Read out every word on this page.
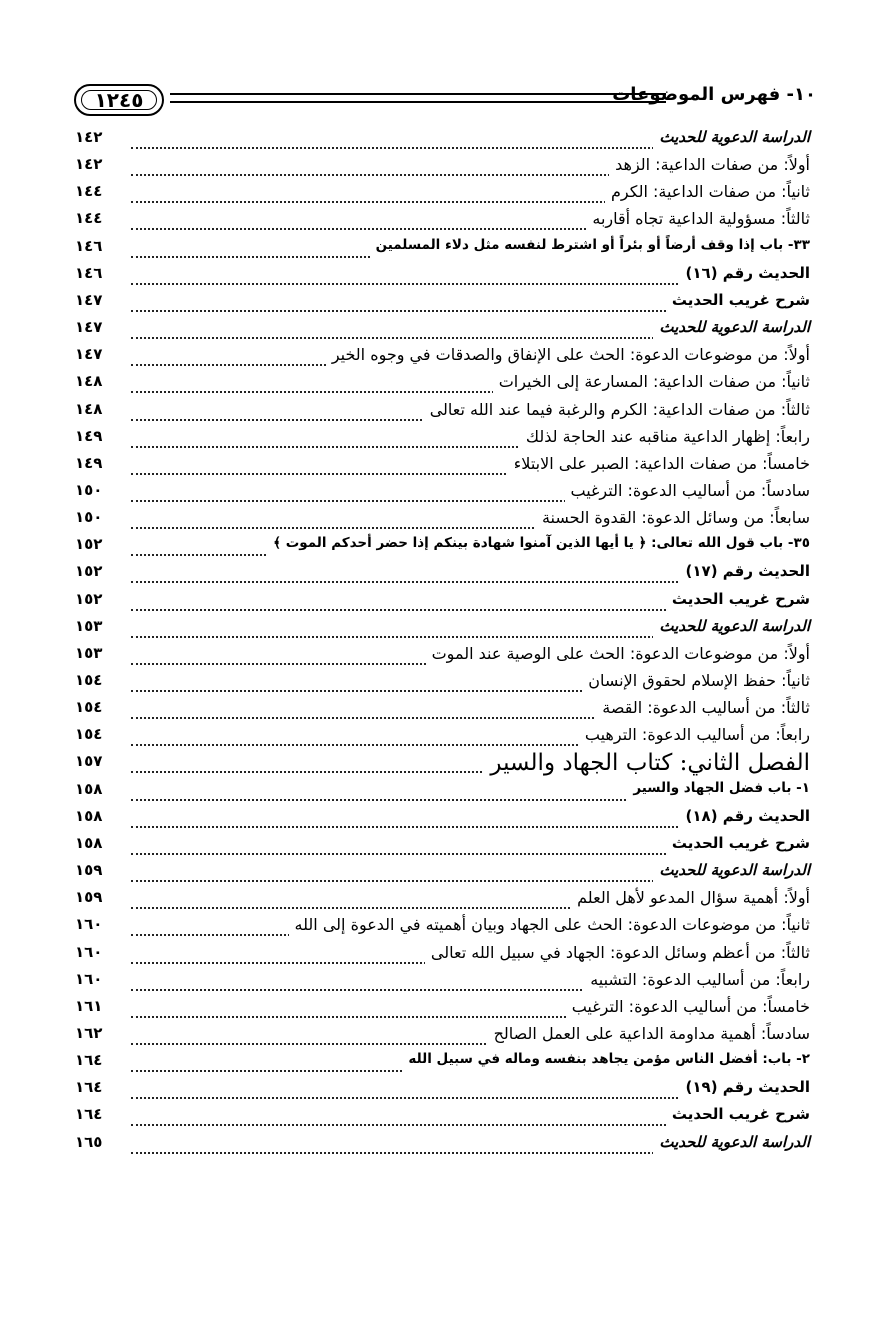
١٢٤٥	١٠- فهرس الموضوعات
الدراسة الدعوية للحديث
١٤٢
أولاً: من صفات الداعية: الزهد
١٤٢
ثانياً: من صفات الداعية: الكرم
١٤٤
ثالثاً: مسؤولية الداعية تجاه أقاربه
١٤٤
٣٣- باب إذا وقف أرضاً أو بئراً أو اشترط لنفسه مثل دلاء المسلمين
١٤٦
الحديث رقم (١٦)
١٤٦
شرح غريب الحديث
١٤٧
الدراسة الدعوية للحديث
١٤٧
أولاً: من موضوعات الدعوة: الحث على الإنفاق والصدقات في وجوه الخير
١٤٧
ثانياً: من صفات الداعية: المسارعة إلى الخيرات
١٤٨
ثالثاً: من صفات الداعية: الكرم والرغبة فيما عند الله تعالى
١٤٨
رابعاً: إظهار الداعية مناقبه عند الحاجة لذلك
١٤٩
خامساً: من صفات الداعية: الصبر على الابتلاء
١٤٩
سادساً: من أساليب الدعوة: الترغيب
١٥٠
سابعاً: من وسائل الدعوة: القدوة الحسنة
١٥٠
٣٥- باب قول الله تعالى: ﴿ يا أيها الذين آمنوا شهادة بينكم إذا حضر أحدكم الموت ﴾
١٥٢
الحديث رقم (١٧)
١٥٢
شرح غريب الحديث
١٥٢
الدراسة الدعوية للحديث
١٥٣
أولاً: من موضوعات الدعوة: الحث على الوصية عند الموت
١٥٣
ثانياً: حفظ الإسلام لحقوق الإنسان
١٥٤
ثالثاً: من أساليب الدعوة: القصة
١٥٤
رابعاً: من أساليب الدعوة: الترهيب
١٥٤
الفصل الثاني: كتاب الجهاد والسير
١٥٧
١- باب فضل الجهاد والسير
١٥٨
الحديث رقم (١٨)
١٥٨
شرح غريب الحديث
١٥٨
الدراسة الدعوية للحديث
١٥٩
أولاً: أهمية سؤال المدعو لأهل العلم
١٥٩
ثانياً: من موضوعات الدعوة: الحث على الجهاد وبيان أهميته في الدعوة إلى الله
١٦٠
ثالثاً: من أعظم وسائل الدعوة: الجهاد في سبيل الله تعالى
١٦٠
رابعاً: من أساليب الدعوة: التشبيه
١٦٠
خامساً: من أساليب الدعوة: الترغيب
١٦١
سادساً: أهمية مداومة الداعية على العمل الصالح
١٦٢
٢- باب: أفضل الناس مؤمن يجاهد بنفسه وماله في سبيل الله
١٦٤
الحديث رقم (١٩)
١٦٤
شرح غريب الحديث
١٦٤
الدراسة الدعوية للحديث
١٦٥
